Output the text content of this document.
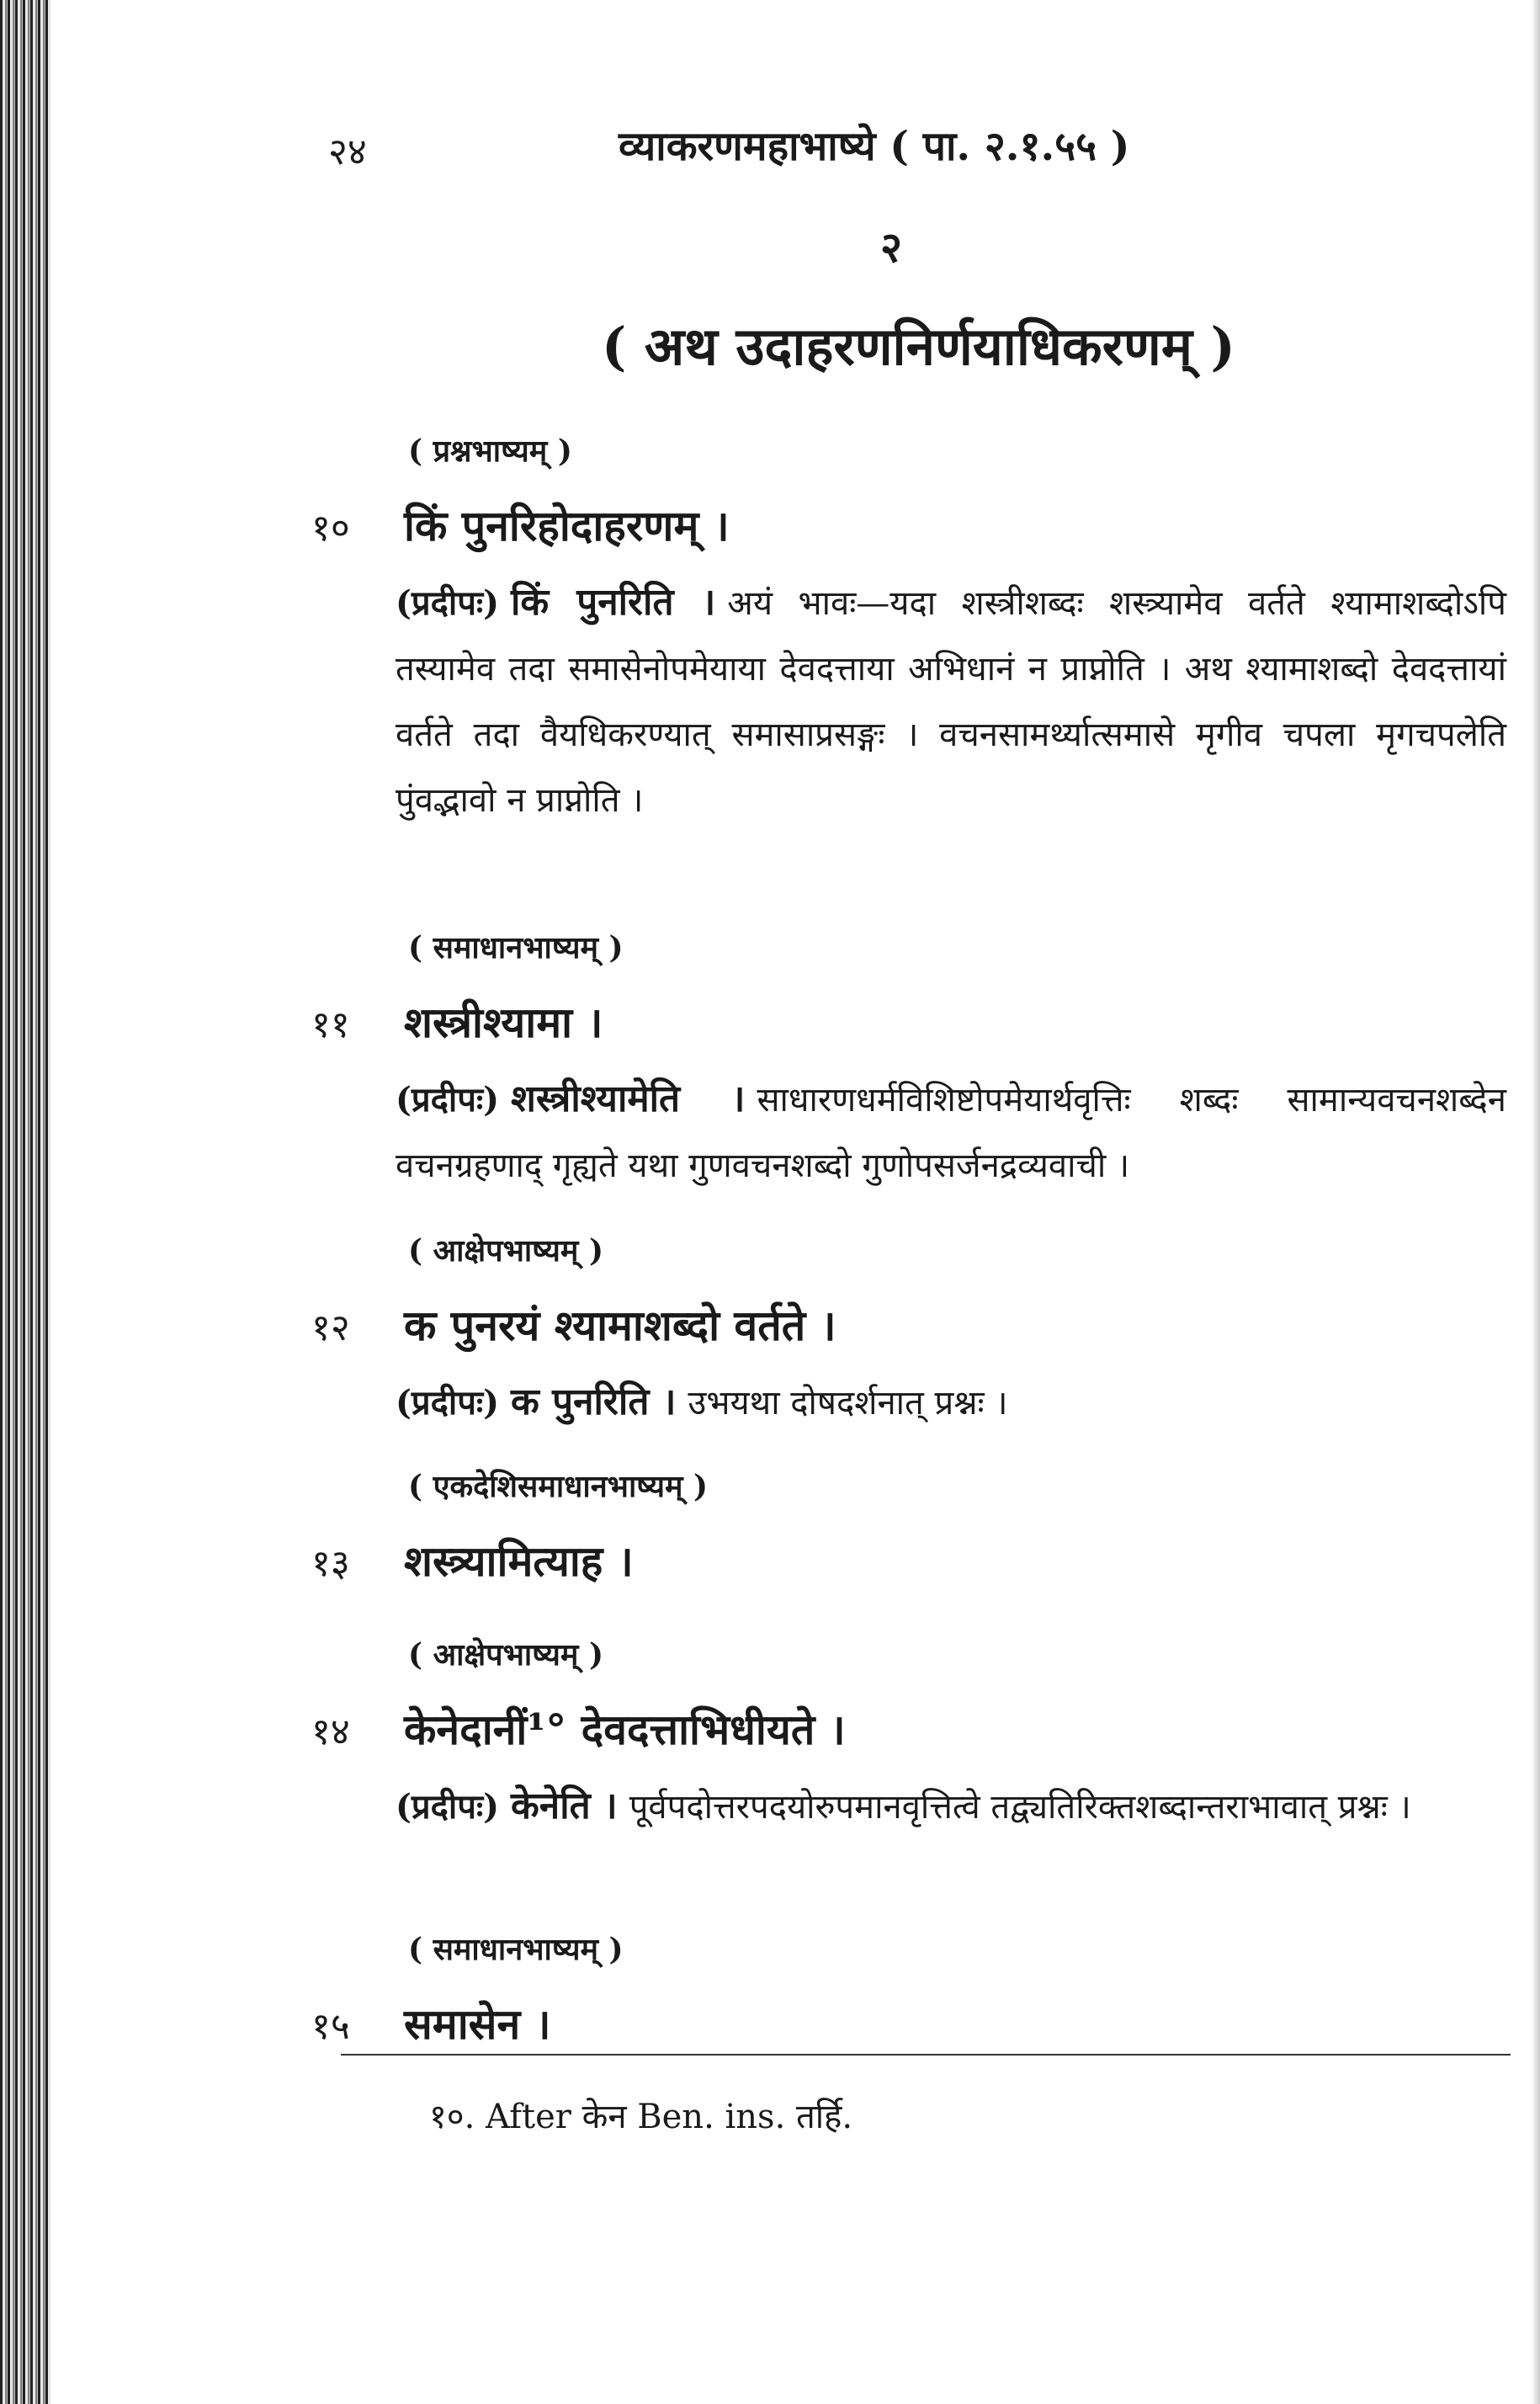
२४	व्याकरणमहाभाष्ये ( पा. २.१.५५ )
२
( अथ उदाहरणनिर्णयाधिकरणम् )
( प्रश्नभाष्यम् )
१०	किं पुनरिहोदाहरणम् ।
(प्रदीपः) किं पुनरिति । अयं भावः—यदा शस्त्रीशब्दः शस्त्र्यामेव वर्तते श्यामाशब्दोऽपि तस्यामेव तदा समासेनोपमेयाया देवदत्ताया अभिधानं न प्राप्नोति । अथ श्यामाशब्दो देवदत्तायां वर्तते तदा वैयधिकरण्यात् समासाप्रसङ्गः । वचनसामर्थ्यात्समासे मृगीव चपला मृगचपलेति पुंवद्भावो न प्राप्नोति ।
( समाधानभाष्यम् )
११	शस्त्रीश्यामा ।
(प्रदीपः) शस्त्रीश्यामेति । साधारणधर्मविशिष्टोपमेयार्थवृत्तिः शब्दः सामान्यवचनशब्देन वचनग्रहणाद् गृह्यते यथा गुणवचनशब्दो गुणोपसर्जनद्रव्यवाची ।
( आक्षेपभाष्यम् )
१२	क पुनरयं श्यामाशब्दो वर्तते ।
(प्रदीपः) क पुनरिति । उभयथा दोषदर्शनात् प्रश्नः ।
( एकदेशिसमाधानभाष्यम् )
१३	शस्त्र्यामित्याह ।
( आक्षेपभाष्यम् )
१४	केनेदानीं¹° देवदत्ताभिधीयते ।
(प्रदीपः) केनेति । पूर्वपदोत्तरपदयोरुपमानवृत्तित्वे तद्व्यतिरिक्तशब्दान्तराभावात् प्रश्नः ।
( समाधानभाष्यम् )
१५	समासेन ।
१०. After केन Ben. ins. तर्हि.
